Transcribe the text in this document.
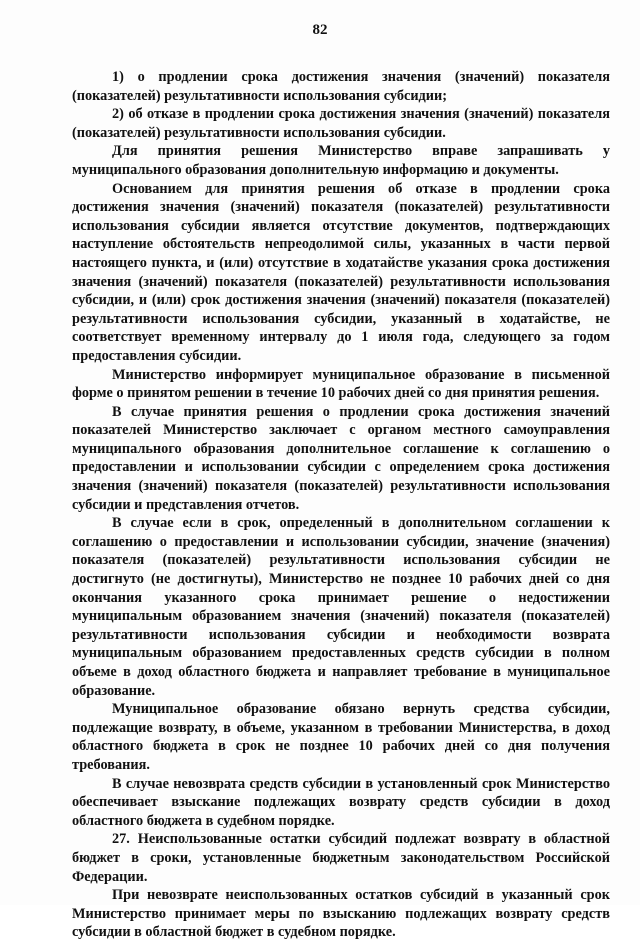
82

1) о продлении срока достижения значения (значений) показателя (показателей) результативности использования субсидии;

2) об отказе в продлении срока достижения значения (значений) показателя (показателей) результативности использования субсидии.

Для принятия решения Министерство вправе запрашивать у муниципального образования дополнительную информацию и документы.

Основанием для принятия решения об отказе в продлении срока достижения значения (значений) показателя (показателей) результативности использования субсидии является отсутствие документов, подтверждающих наступление обстоятельств непреодолимой силы, указанных в части первой настоящего пункта, и (или) отсутствие в ходатайстве указания срока достижения значения (значений) показателя (показателей) результативности использования субсидии, и (или) срок достижения значения (значений) показателя (показателей) результативности использования субсидии, указанный в ходатайстве, не соответствует временному интервалу до 1 июля года, следующего за годом предоставления субсидии.

Министерство информирует муниципальное образование в письменной форме о принятом решении в течение 10 рабочих дней со дня принятия решения.

В случае принятия решения о продлении срока достижения значений показателей Министерство заключает с органом местного самоуправления муниципального образования дополнительное соглашение к соглашению о предоставлении и использовании субсидии с определением срока достижения значения (значений) показателя (показателей) результативности использования субсидии и представления отчетов.

В случае если в срок, определенный в дополнительном соглашении к соглашению о предоставлении и использовании субсидии, значение (значения) показателя (показателей) результативности использования субсидии не достигнуто (не достигнуты), Министерство не позднее 10 рабочих дней со дня окончания указанного срока принимает решение о недостижении муниципальным образованием значения (значений) показателя (показателей) результативности использования субсидии и необходимости возврата муниципальным образованием предоставленных средств субсидии в полном объеме в доход областного бюджета и направляет требование в муниципальное образование.

Муниципальное образование обязано вернуть средства субсидии, подлежащие возврату, в объеме, указанном в требовании Министерства, в доход областного бюджета в срок не позднее 10 рабочих дней со дня получения требования.

В случае невозврата средств субсидии в установленный срок Министерство обеспечивает взыскание подлежащих возврату средств субсидии в доход областного бюджета в судебном порядке.

27. Неиспользованные остатки субсидий подлежат возврату в областной бюджет в сроки, установленные бюджетным законодательством Российской Федерации.

При невозврате неиспользованных остатков субсидий в указанный срок Министерство принимает меры по взысканию подлежащих возврату средств субсидии в областной бюджет в судебном порядке.
